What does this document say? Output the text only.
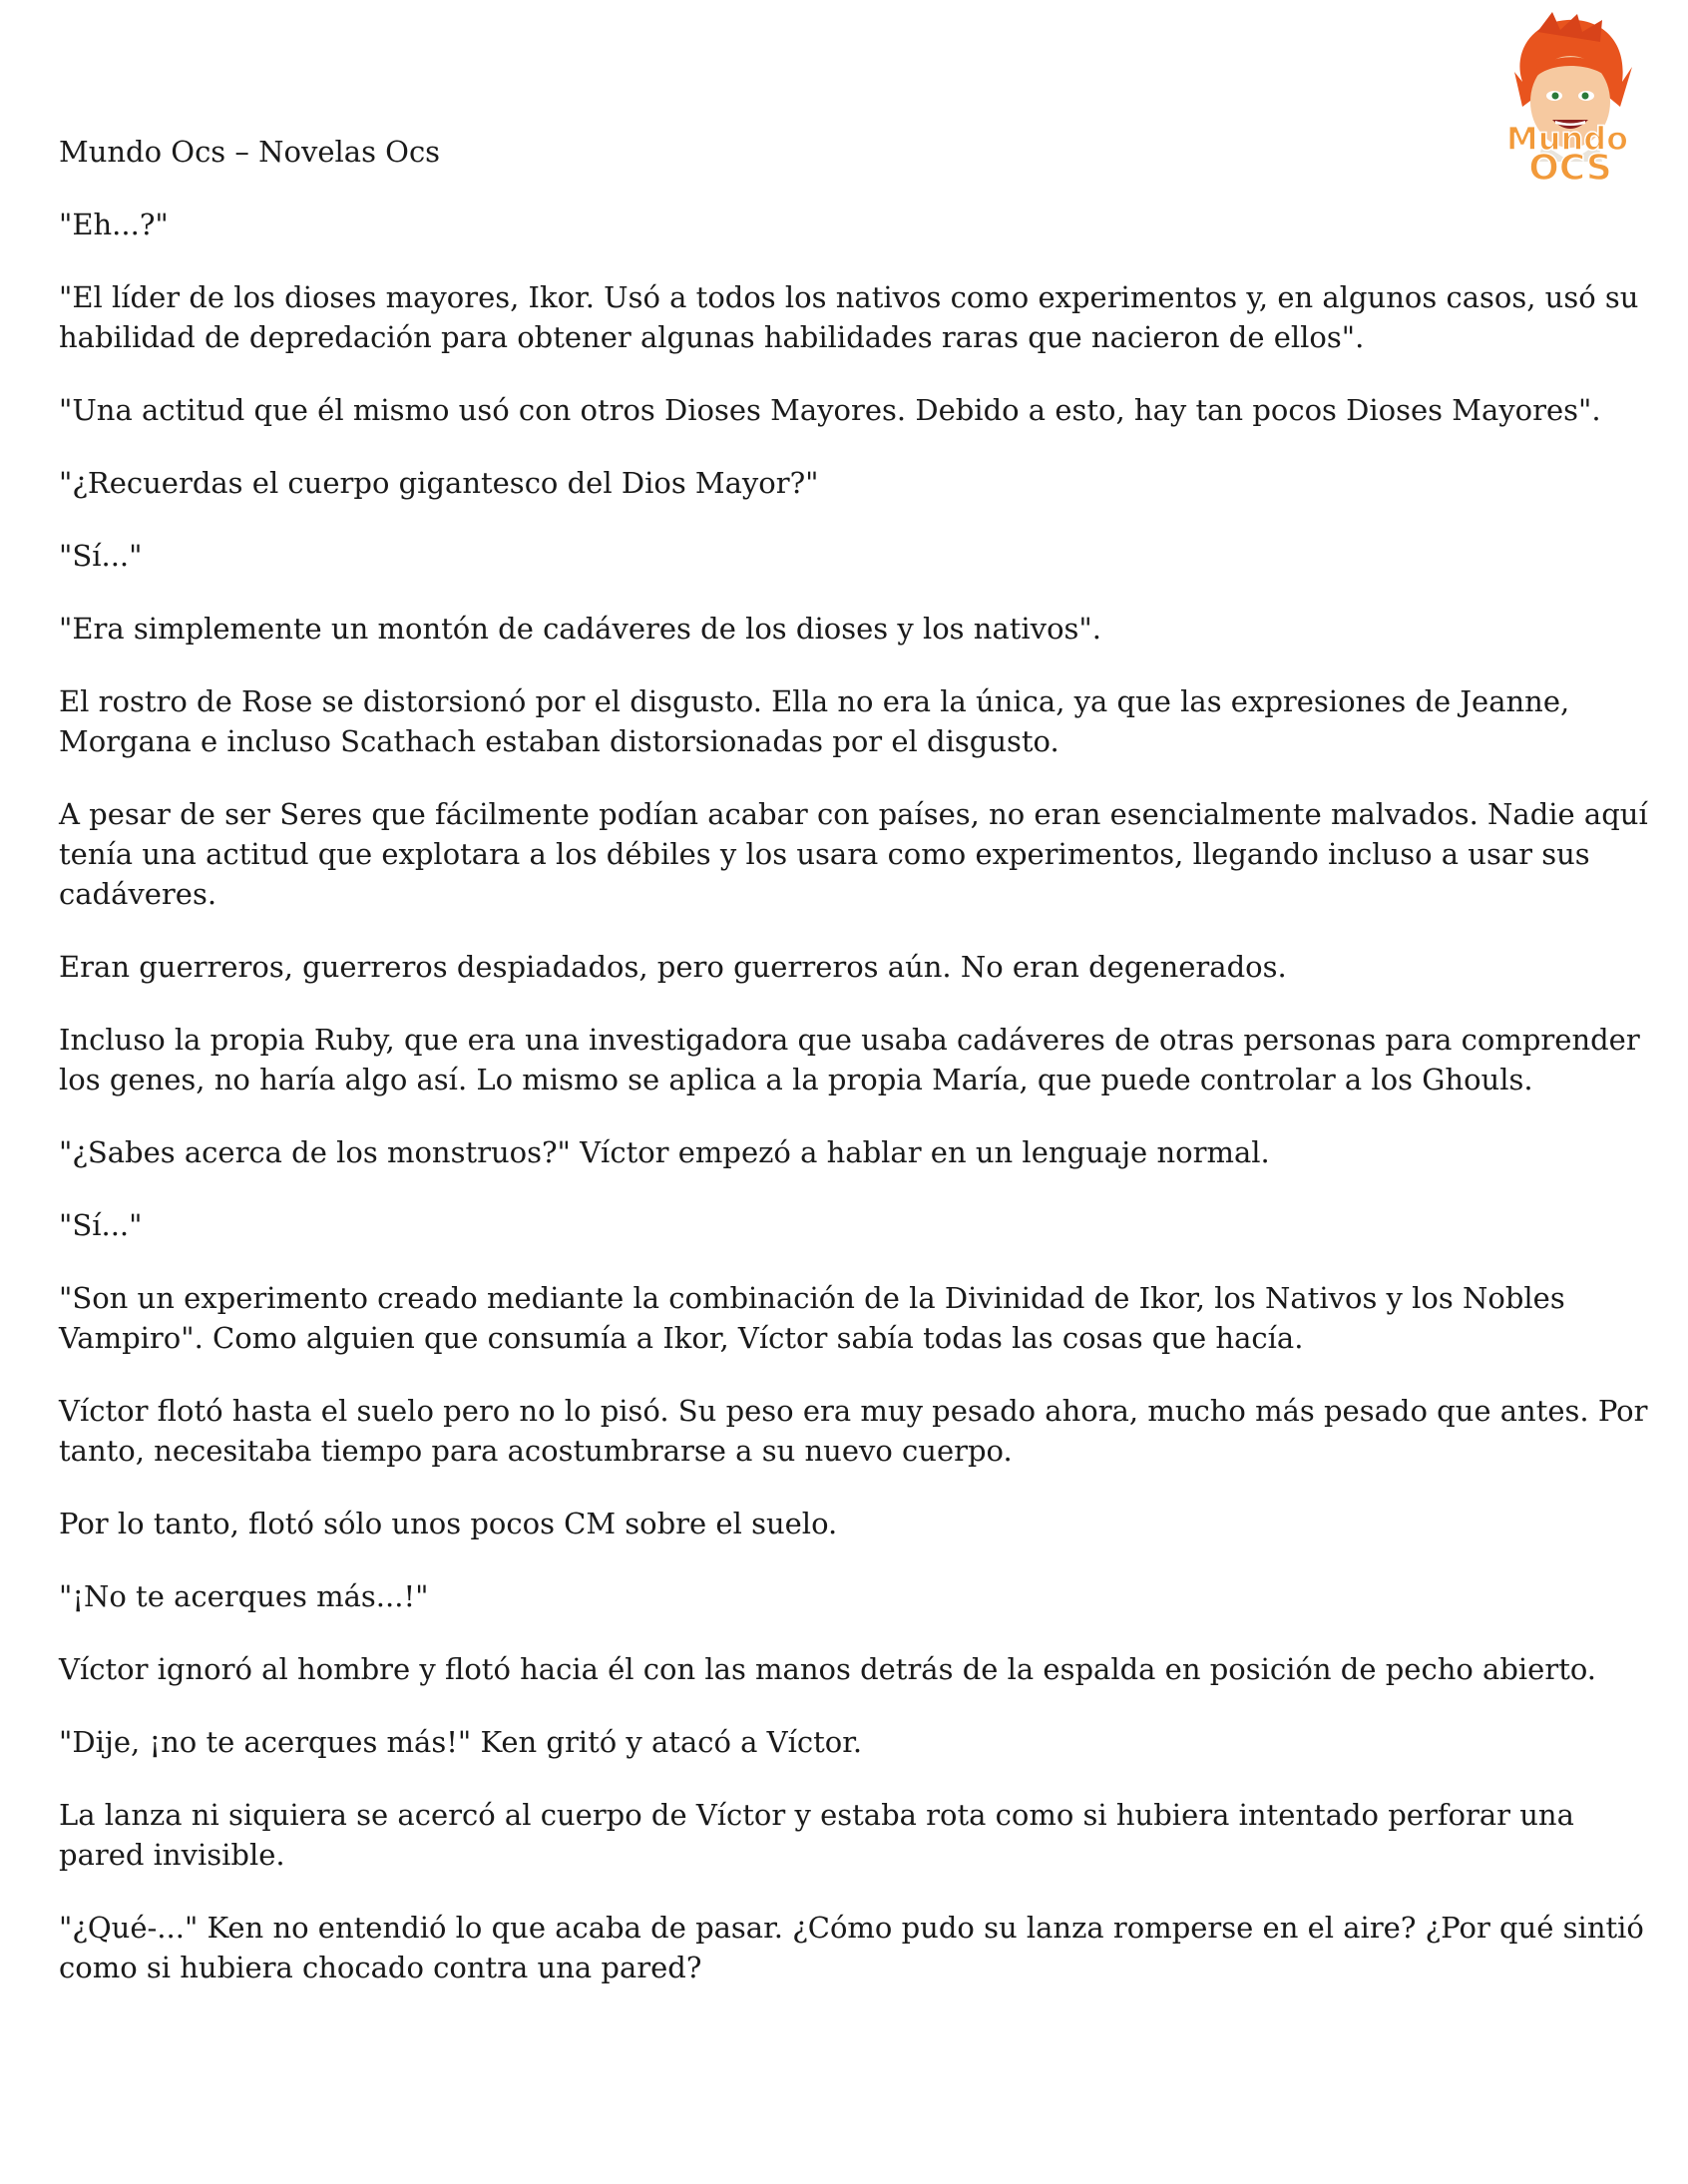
Mundo
OCS
Mundo Ocs – Novelas Ocs

"Eh...?"

"El líder de los dioses mayores, Ikor. Usó a todos los nativos como experimentos y, en algunos casos, usó su habilidad de depredación para obtener algunas habilidades raras que nacieron de ellos".

"Una actitud que él mismo usó con otros Dioses Mayores. Debido a esto, hay tan pocos Dioses Mayores".

"¿Recuerdas el cuerpo gigantesco del Dios Mayor?"

"Sí..."

"Era simplemente un montón de cadáveres de los dioses y los nativos".

El rostro de Rose se distorsionó por el disgusto. Ella no era la única, ya que las expresiones de Jeanne, Morgana e incluso Scathach estaban distorsionadas por el disgusto.

A pesar de ser Seres que fácilmente podían acabar con países, no eran esencialmente malvados. Nadie aquí tenía una actitud que explotara a los débiles y los usara como experimentos, llegando incluso a usar sus cadáveres.

Eran guerreros, guerreros despiadados, pero guerreros aún. No eran degenerados.

Incluso la propia Ruby, que era una investigadora que usaba cadáveres de otras personas para comprender los genes, no haría algo así. Lo mismo se aplica a la propia María, que puede controlar a los Ghouls.

"¿Sabes acerca de los monstruos?" Víctor empezó a hablar en un lenguaje normal.

"Sí..."

"Son un experimento creado mediante la combinación de la Divinidad de Ikor, los Nativos y los Nobles Vampiro". Como alguien que consumía a Ikor, Víctor sabía todas las cosas que hacía.

Víctor flotó hasta el suelo pero no lo pisó. Su peso era muy pesado ahora, mucho más pesado que antes. Por tanto, necesitaba tiempo para acostumbrarse a su nuevo cuerpo.

Por lo tanto, flotó sólo unos pocos CM sobre el suelo.

"¡No te acerques más...!"

Víctor ignoró al hombre y flotó hacia él con las manos detrás de la espalda en posición de pecho abierto.

"Dije, ¡no te acerques más!" Ken gritó y atacó a Víctor.

La lanza ni siquiera se acercó al cuerpo de Víctor y estaba rota como si hubiera intentado perforar una pared invisible.

"¿Qué-..." Ken no entendió lo que acaba de pasar. ¿Cómo pudo su lanza romperse en el aire? ¿Por qué sintió como si hubiera chocado contra una pared?
